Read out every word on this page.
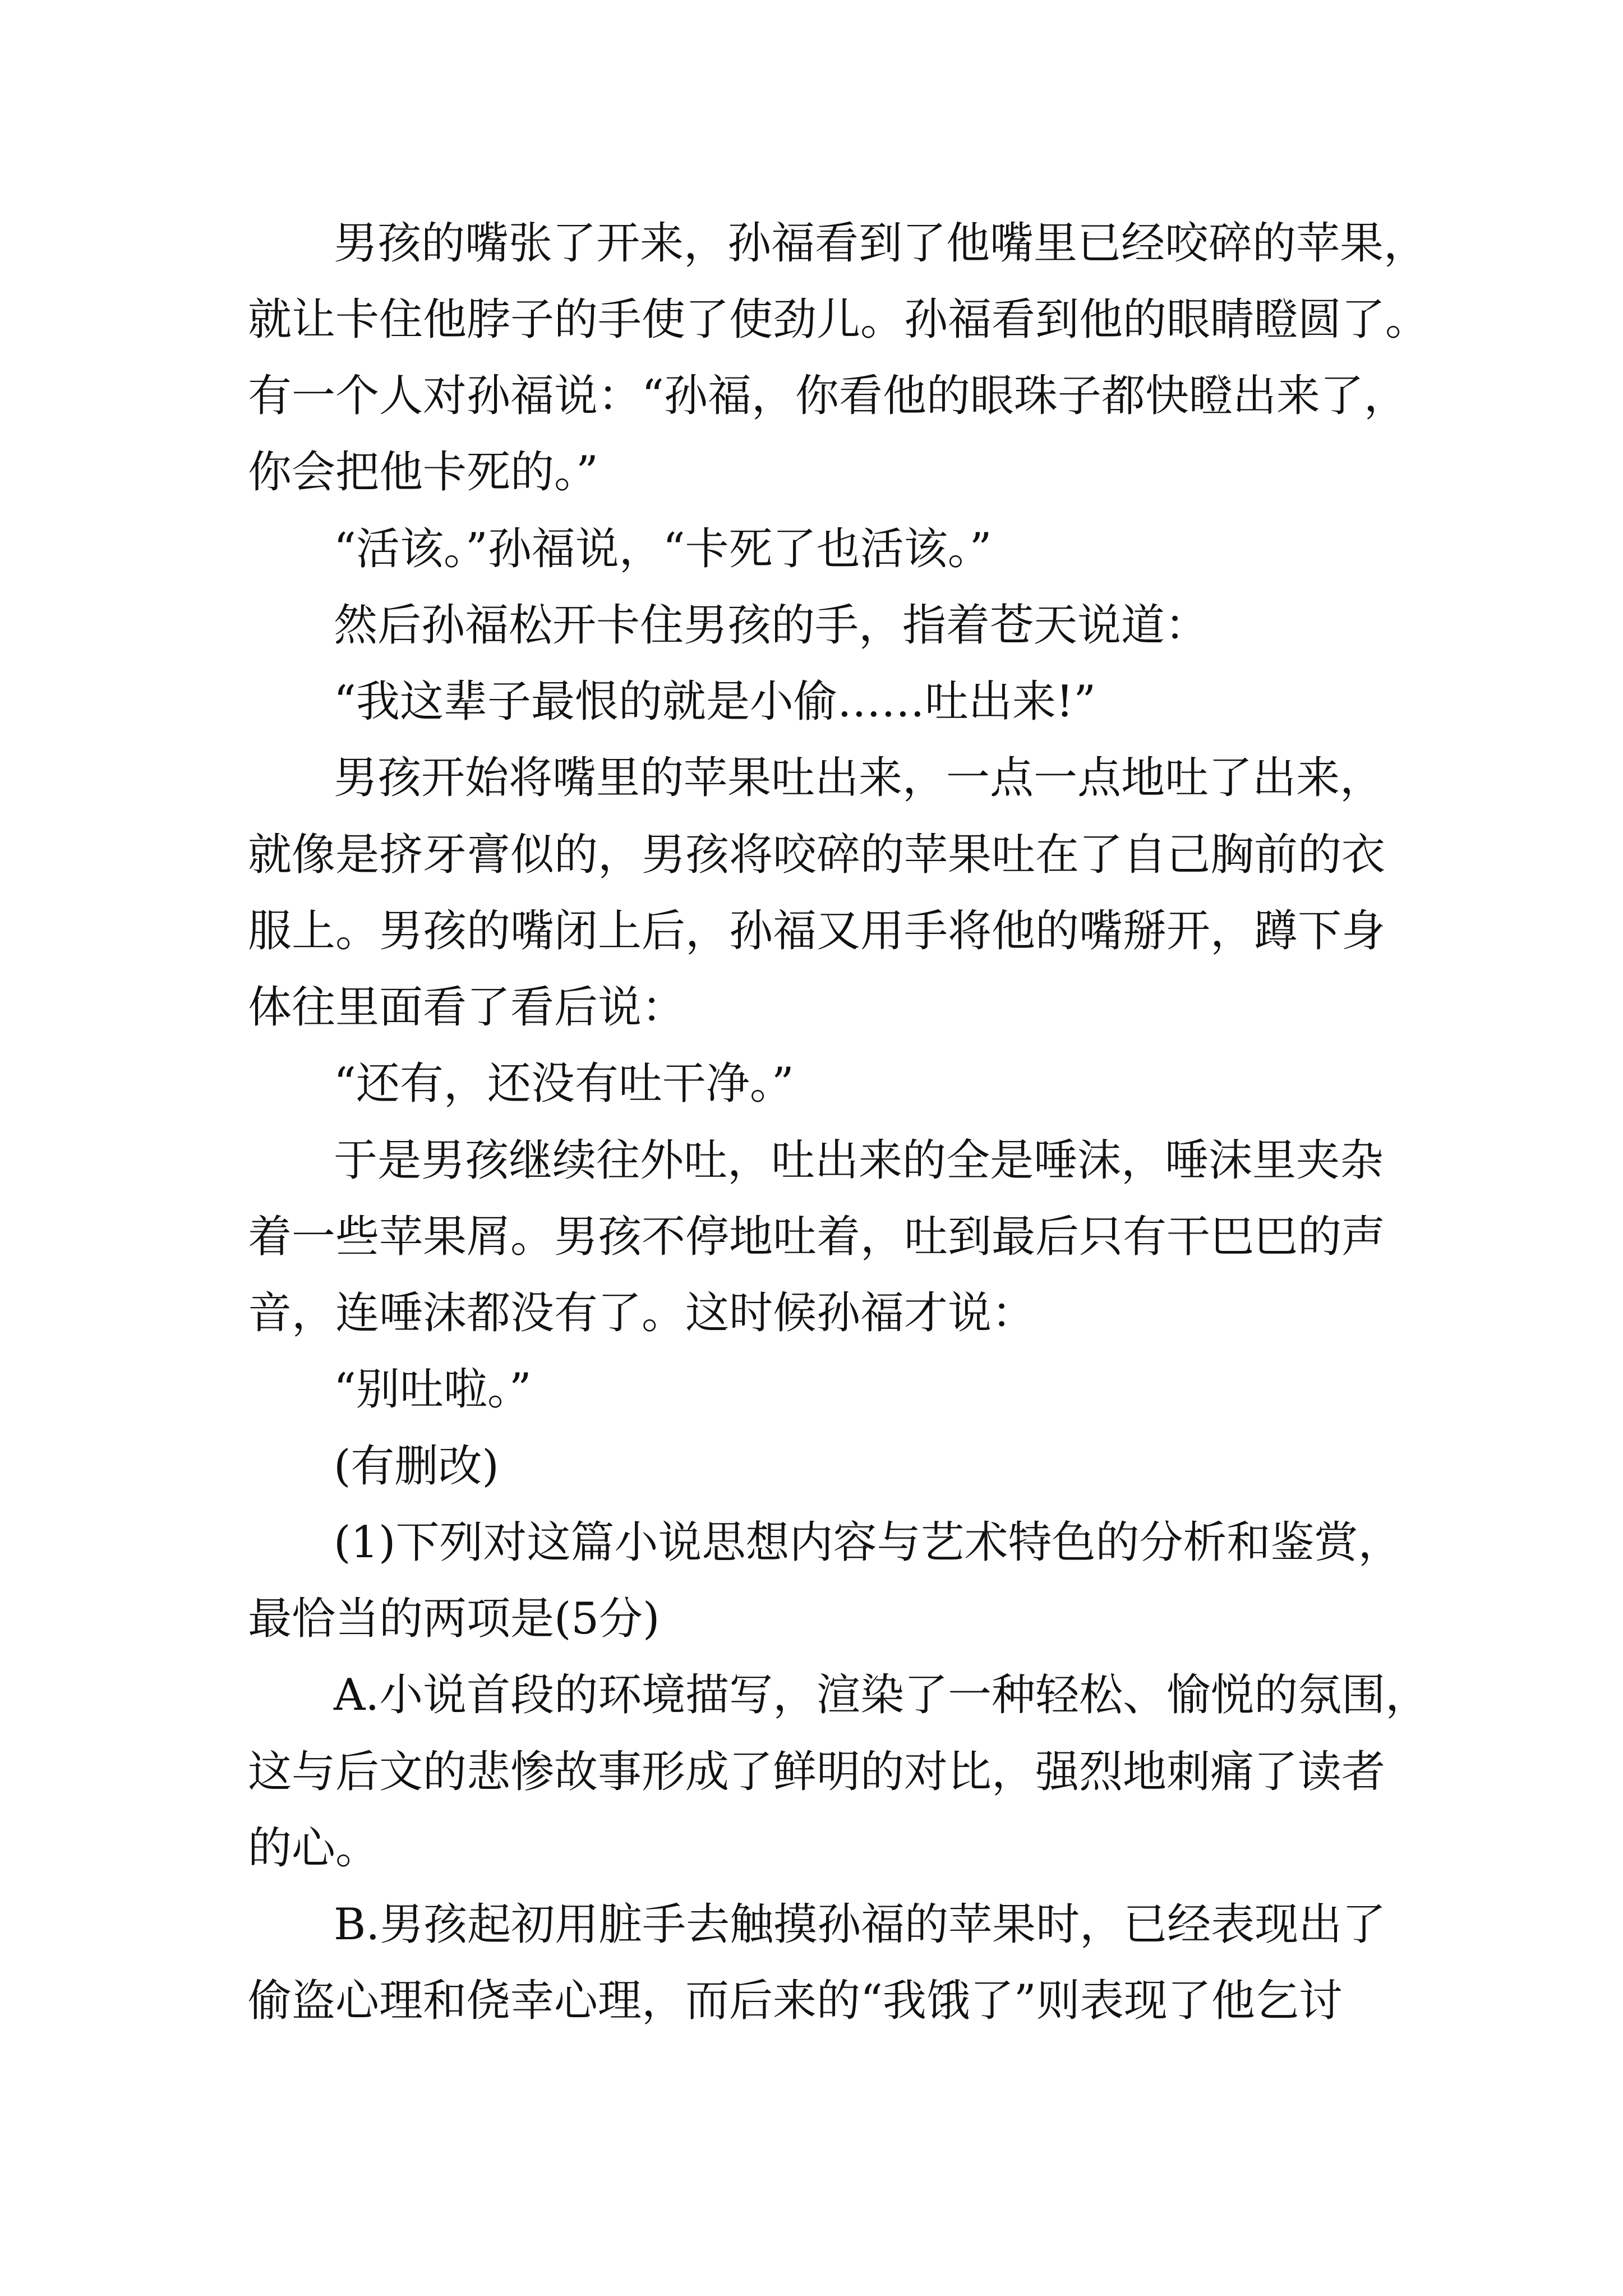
男孩的嘴张了开来，孙福看到了他嘴里已经咬碎的苹果，
就让卡住他脖子的手使了使劲儿。孙福看到他的眼睛瞪圆了。
有一个人对孙福说：“孙福，你看他的眼珠子都快瞪出来了，
你会把他卡死的。”
“活该。”孙福说，“卡死了也活该。”
然后孙福松开卡住男孩的手，指着苍天说道：
“我这辈子最恨的就是小偷……吐出来!”
男孩开始将嘴里的苹果吐出来，一点一点地吐了出来，
就像是挤牙膏似的，男孩将咬碎的苹果吐在了自己胸前的衣
服上。男孩的嘴闭上后，孙福又用手将他的嘴掰开，蹲下身
体往里面看了看后说：
“还有，还没有吐干净。”
于是男孩继续往外吐，吐出来的全是唾沫，唾沫里夹杂
着一些苹果屑。男孩不停地吐着，吐到最后只有干巴巴的声
音，连唾沫都没有了。这时候孙福才说：
“别吐啦。”
(有删改)
(1)下列对这篇小说思想内容与艺术特色的分析和鉴赏，
最恰当的两项是(5分)
A.小说首段的环境描写，渲染了一种轻松、愉悦的氛围，
这与后文的悲惨故事形成了鲜明的对比，强烈地刺痛了读者
的心。
B.男孩起初用脏手去触摸孙福的苹果时，已经表现出了
偷盗心理和侥幸心理，而后来的“我饿了”则表现了他乞讨
